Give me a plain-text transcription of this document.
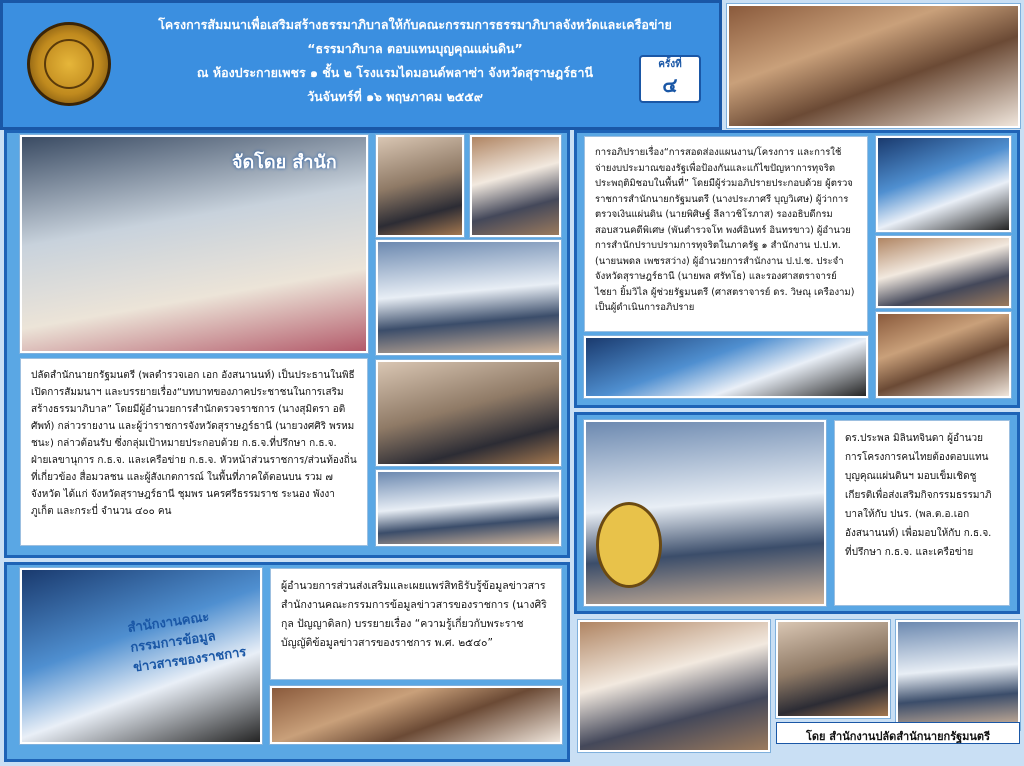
โครงการสัมมนาเพื่อเสริมสร้างธรรมาภิบาลให้กับคณะกรรมการธรรมาภิบาลจังหวัดและเครือข่าย
“ธรรมาภิบาล ตอบแทนบุญคุณแผ่นดิน”
ณ ห้องประกายเพชร ๑ ชั้น ๒ โรงแรมไดมอนด์พลาซ่า จังหวัดสุราษฎร์ธานี
วันจันทร์ที่ ๑๖ พฤษภาคม ๒๕๕๙
ครั้งที่
๔
จัดโดย สำนัก
ปลัดสำนักนายกรัฐมนตรี (พลตำรวจเอก เอก อังสนานนท์) เป็นประธานในพิธีเปิดการสัมมนาฯ และบรรยายเรื่อง“บทบาทของภาคประชาชนในการเสริมสร้างธรรมาภิบาล” โดยมีผู้อำนวยการสำนักตรวจราชการ (นางสุมิตรา อติศัพท์) กล่าวรายงาน และผู้ว่าราชการจังหวัดสุราษฎร์ธานี (นายวงศศิริ พรหมชนะ) กล่าวต้อนรับ ซึ่งกลุ่มเป้าหมายประกอบด้วย ก.ธ.จ.ที่ปรึกษา ก.ธ.จ. ฝ่ายเลขานุการ ก.ธ.จ. และเครือข่าย ก.ธ.จ. หัวหน้าส่วนราชการ/ส่วนท้องถิ่นที่เกี่ยวข้อง สื่อมวลชน และผู้สังเกตการณ์ ในพื้นที่ภาคใต้ตอนบน รวม ๗ จังหวัด ได้แก่ จังหวัดสุราษฎร์ธานี ชุมพร นครศรีธรรมราช ระนอง พังงา ภูเก็ต และกระบี่ จำนวน ๔๐๐ คน
การอภิปรายเรื่อง“การสอดส่องแผนงาน/โครงการ และการใช้จ่ายงบประมาณของรัฐเพื่อป้องกันและแก้ไขปัญหาการทุจริตประพฤติมิชอบในพื้นที่” โดยมีผู้ร่วมอภิปรายประกอบด้วย ผู้ตรวจราชการสำนักนายกรัฐมนตรี (นางประภาศรี บุญวิเศษ) ผู้ว่าการตรวจเงินแผ่นดิน (นายพิศิษฐ์ ลีลาวชิโรภาส) รองอธิบดีกรมสอบสวนคดีพิเศษ (พันตำรวจโท พงศ์อินทร์ อินทรขาว) ผู้อำนวยการสำนักปราบปรามการทุจริตในภาครัฐ ๑ สำนักงาน ป.ป.ท. (นายนพดล เพชรสว่าง) ผู้อำนวยการสำนักงาน ป.ป.ช. ประจำจังหวัดสุราษฎร์ธานี (นายพล ศรัทโธ) และรองศาสตราจารย์ ไชยา ยิ้มวิไล ผู้ช่วยรัฐมนตรี (ศาสตราจารย์ ดร. วิษณุ เครืองาม) เป็นผู้ดำเนินการอภิปราย
ดร.ประพล มิลินทจินดา ผู้อำนวยการโครงการคนไทยต้องตอบแทนบุญคุณแผ่นดินฯ มอบเข็มเชิดชูเกียรติเพื่อส่งเสริมกิจกรรมธรรมาภิบาลให้กับ ปนร. (พล.ต.อ.เอก อังสนานนท์) เพื่อมอบให้กับ ก.ธ.จ. ที่ปรึกษา ก.ธ.จ. และเครือข่าย
สำนักงานคณะกรรมการข้อมูลข่าวสารของราชการ
ผู้อำนวยการส่วนส่งเสริมและเผยแพร่สิทธิรับรู้ข้อมูลข่าวสาร สำนักงานคณะกรรมการข้อมูลข่าวสารของราชการ (นางศิริกุล ปัญญาดิลก) บรรยายเรื่อง “ความรู้เกี่ยวกับพระราชบัญญัติข้อมูลข่าวสารของราชการ พ.ศ. ๒๕๔๐”
โดย สำนักงานปลัดสำนักนายกรัฐมนตรี
